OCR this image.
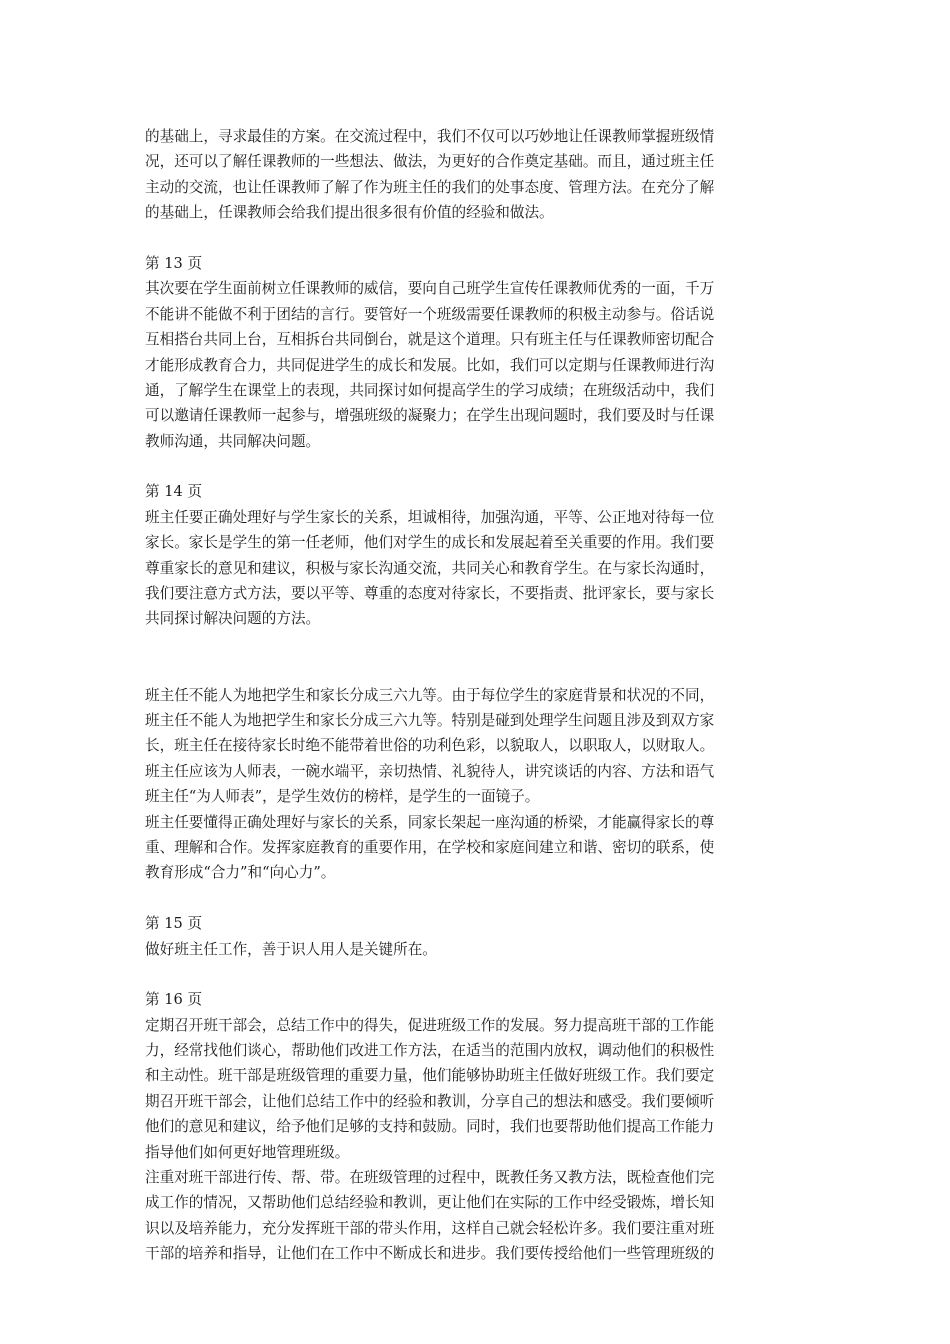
的基础上，寻求最佳的方案。在交流过程中，我们不仅可以巧妙地让任课教师掌握班级情
况，还可以了解任课教师的一些想法、做法，为更好的合作奠定基础。而且，通过班主任
主动的交流，也让任课教师了解了作为班主任的我们的处事态度、管理方法。在充分了解
的基础上，任课教师会给我们提出很多很有价值的经验和做法。
第 13 页
其次要在学生面前树立任课教师的威信，要向自己班学生宣传任课教师优秀的一面，千万
不能讲不能做不利于团结的言行。要管好一个班级需要任课教师的积极主动参与。俗话说
互相搭台共同上台，互相拆台共同倒台，就是这个道理。只有班主任与任课教师密切配合
才能形成教育合力，共同促进学生的成长和发展。比如，我们可以定期与任课教师进行沟
通，了解学生在课堂上的表现，共同探讨如何提高学生的学习成绩；在班级活动中，我们
可以邀请任课教师一起参与，增强班级的凝聚力；在学生出现问题时，我们要及时与任课
教师沟通，共同解决问题。
第 14 页
班主任要正确处理好与学生家长的关系，坦诚相待，加强沟通，平等、公正地对待每一位
家长。家长是学生的第一任老师，他们对学生的成长和发展起着至关重要的作用。我们要
尊重家长的意见和建议，积极与家长沟通交流，共同关心和教育学生。在与家长沟通时，
我们要注意方式方法，要以平等、尊重的态度对待家长，不要指责、批评家长，要与家长
共同探讨解决问题的方法。
班主任不能人为地把学生和家长分成三六九等。由于每位学生的家庭背景和状况的不同，
班主任不能人为地把学生和家长分成三六九等。特别是碰到处理学生问题且涉及到双方家
长，班主任在接待家长时绝不能带着世俗的功利色彩，以貌取人，以职取人，以财取人。
班主任应该为人师表，一碗水端平，亲切热情、礼貌待人，讲究谈话的内容、方法和语气
班主任“为人师表”，是学生效仿的榜样，是学生的一面镜子。
班主任要懂得正确处理好与家长的关系，同家长架起一座沟通的桥梁，才能赢得家长的尊
重、理解和合作。发挥家庭教育的重要作用，在学校和家庭间建立和谐、密切的联系，使
教育形成“合力”和“向心力”。
第 15 页
做好班主任工作，善于识人用人是关键所在。
第 16 页
定期召开班干部会，总结工作中的得失，促进班级工作的发展。努力提高班干部的工作能
力，经常找他们谈心，帮助他们改进工作方法，在适当的范围内放权，调动他们的积极性
和主动性。班干部是班级管理的重要力量，他们能够协助班主任做好班级工作。我们要定
期召开班干部会，让他们总结工作中的经验和教训，分享自己的想法和感受。我们要倾听
他们的意见和建议，给予他们足够的支持和鼓励。同时，我们也要帮助他们提高工作能力
指导他们如何更好地管理班级。
注重对班干部进行传、帮、带。在班级管理的过程中，既教任务又教方法，既检查他们完
成工作的情况，又帮助他们总结经验和教训，更让他们在实际的工作中经受锻炼，增长知
识以及培养能力，充分发挥班干部的带头作用，这样自己就会轻松许多。我们要注重对班
干部的培养和指导，让他们在工作中不断成长和进步。我们要传授给他们一些管理班级的
